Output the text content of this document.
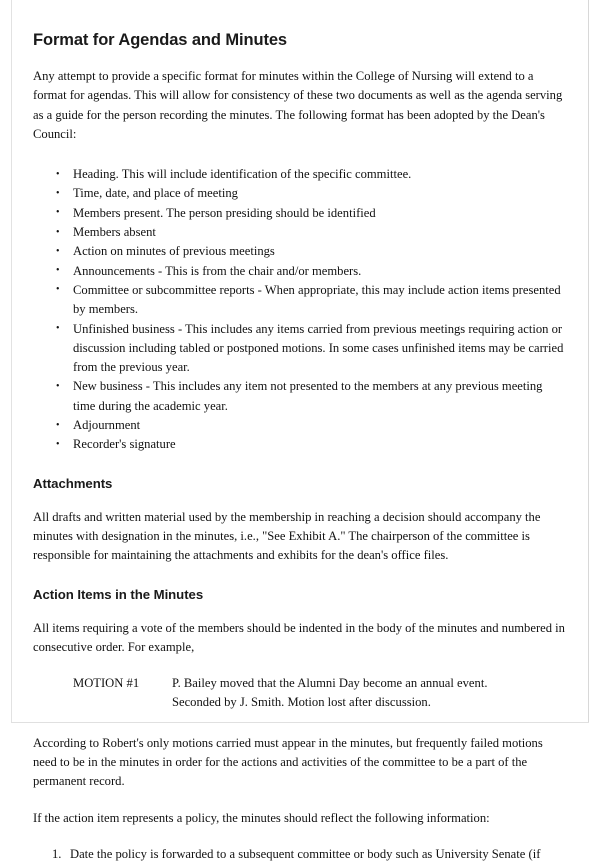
Format for Agendas and Minutes

Any attempt to provide a specific format for minutes within the College of Nursing will extend to a format for agendas. This will allow for consistency of these two documents as well as the agenda serving as a guide for the person recording the minutes. The following format has been adopted by the Dean's Council:

• Heading. This will include identification of the specific committee.
• Time, date, and place of meeting
• Members present. The person presiding should be identified
• Members absent
• Action on minutes of previous meetings
• Announcements - This is from the chair and/or members.
• Committee or subcommittee reports - When appropriate, this may include action items presented by members.
• Unfinished business - This includes any items carried from previous meetings requiring action or discussion including tabled or postponed motions. In some cases unfinished items may be carried from the previous year.
• New business - This includes any item not presented to the members at any previous meeting time during the academic year.
• Adjournment
• Recorder's signature
Attachments

All drafts and written material used by the membership in reaching a decision should accompany the minutes with designation in the minutes, i.e., "See Exhibit A." The chairperson of the committee is responsible for maintaining the attachments and exhibits for the dean's office files.

Action Items in the Minutes

All items requiring a vote of the members should be indented in the body of the minutes and numbered in consecutive order. For example,

MOTION #1	P. Bailey moved that the Alumni Day become an annual event.
Seconded by J. Smith. Motion lost after discussion.

According to Robert's only motions carried must appear in the minutes, but frequently failed motions need to be in the minutes in order for the actions and activities of the committee to be a part of the permanent record.

If the action item represents a policy, the minutes should reflect the following information:

Date the policy is forwarded to a subsequent committee or body such as University Senate (if
